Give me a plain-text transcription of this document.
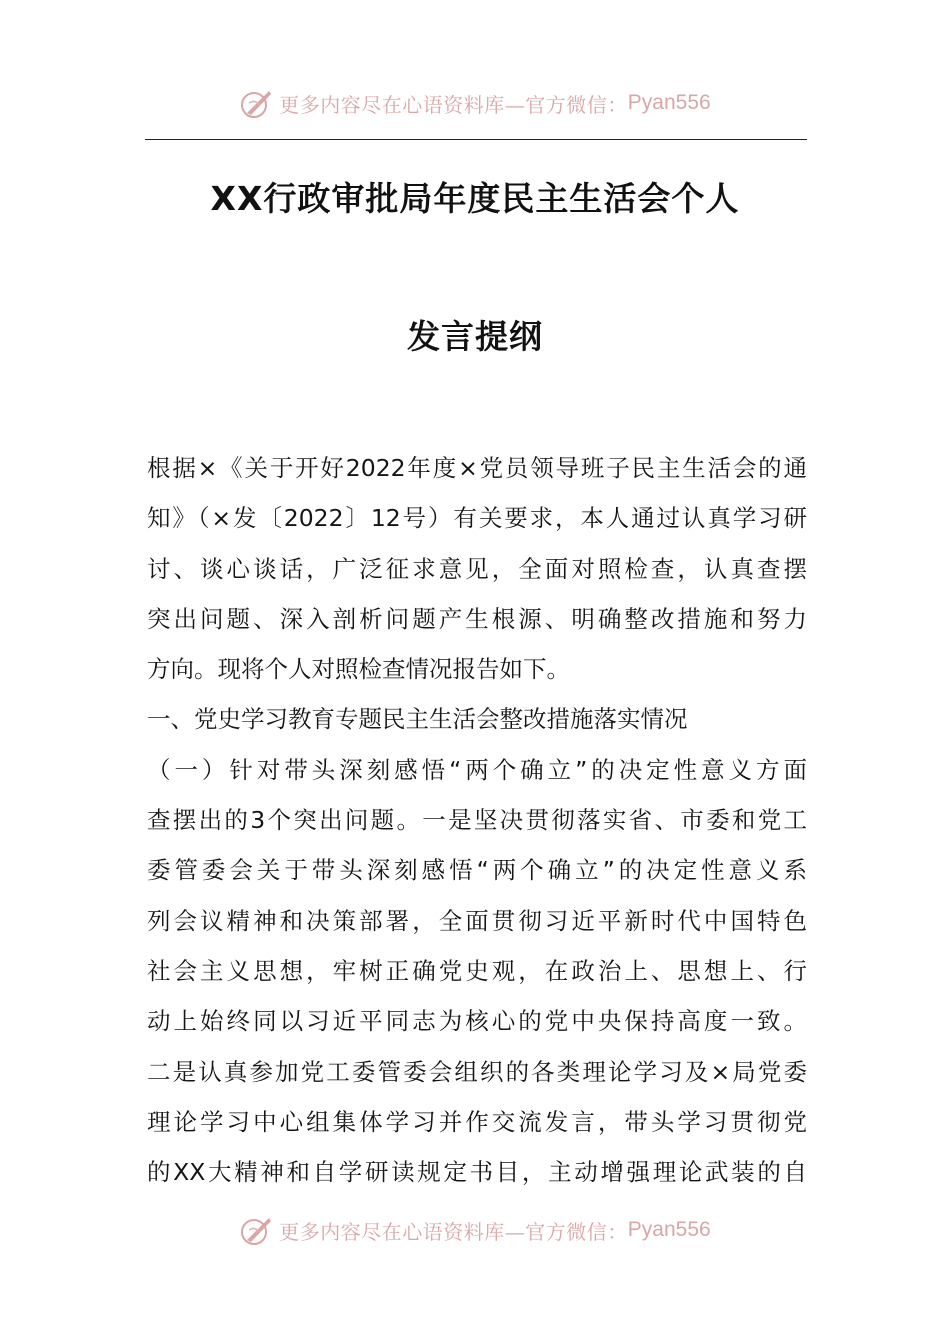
更多内容尽在心语资料库—官方微信： Pyan556
XX行政审批局年度民主生活会个人
发言提纲
根据×《关于开好2022年度×党员领导班子民主生活会的通
知》（×发〔2022〕12号）有关要求，本人通过认真学习研
讨、谈心谈话，广泛征求意见，全面对照检查，认真查摆
突出问题、深入剖析问题产生根源、明确整改措施和努力
方向。现将个人对照检查情况报告如下。
一、党史学习教育专题民主生活会整改措施落实情况
（一）针对带头深刻感悟“两个确立”的决定性意义方面
查摆出的3个突出问题。一是坚决贯彻落实省、市委和党工
委管委会关于带头深刻感悟“两个确立”的决定性意义系
列会议精神和决策部署，全面贯彻习近平新时代中国特色
社会主义思想，牢树正确党史观，在政治上、思想上、行
动上始终同以习近平同志为核心的党中央保持高度一致。
二是认真参加党工委管委会组织的各类理论学习及×局党委
理论学习中心组集体学习并作交流发言，带头学习贯彻党
的XX大精神和自学研读规定书目，主动增强理论武装的自
更多内容尽在心语资料库—官方微信： Pyan556
